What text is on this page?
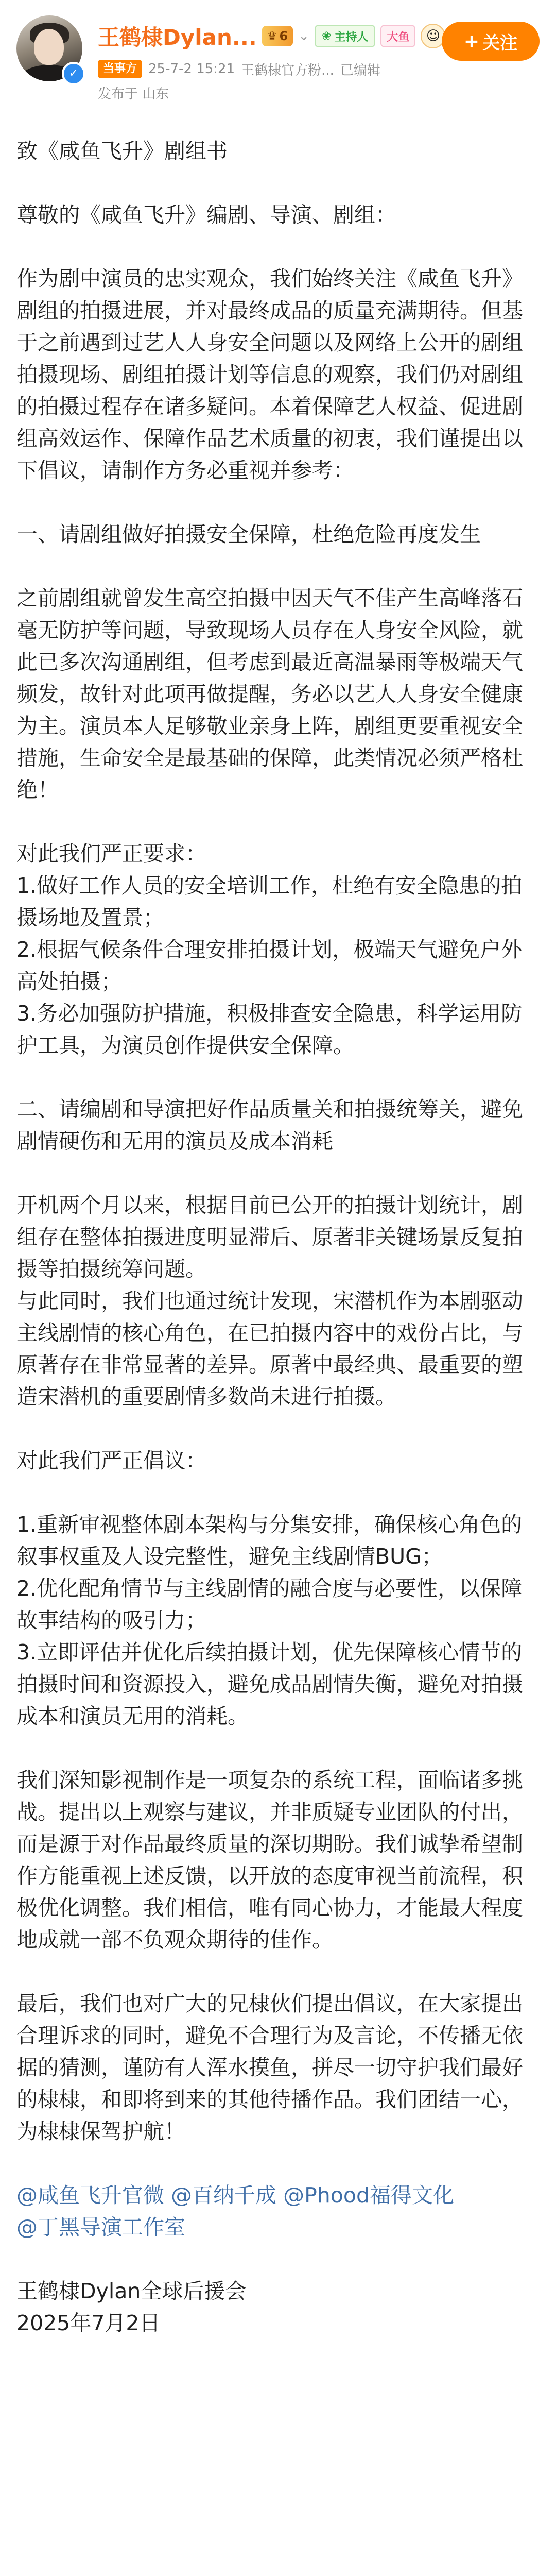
✓
王鹤棣Dylan... ♛ 6 ⌄ ❀ 主持人 大鱼	☺
当事方 25-7-2 15:21 王鹤棣官方粉... 已编辑
发布于 山东
+ 关注

致《咸鱼飞升》剧组书

尊敬的《咸鱼飞升》编剧、导演、剧组：

作为剧中演员的忠实观众，我们始终关注《咸鱼飞升》剧组的拍摄进展，并对最终成品的质量充满期待。但基于之前遇到过艺人人身安全问题以及网络上公开的剧组拍摄现场、剧组拍摄计划等信息的观察，我们仍对剧组的拍摄过程存在诸多疑问。本着保障艺人权益、促进剧组高效运作、保障作品艺术质量的初衷，我们谨提出以下倡议，请制作方务必重视并参考：

一、请剧组做好拍摄安全保障，杜绝危险再度发生

之前剧组就曾发生高空拍摄中因天气不佳产生高峰落石毫无防护等问题，导致现场人员存在人身安全风险，就此已多次沟通剧组，但考虑到最近高温暴雨等极端天气频发，故针对此项再做提醒，务必以艺人人身安全健康为主。演员本人足够敬业亲身上阵，剧组更要重视安全措施，生命安全是最基础的保障，此类情况必须严格杜绝！

对此我们严正要求：

1.做好工作人员的安全培训工作，杜绝有安全隐患的拍摄场地及置景；

2.根据气候条件合理安排拍摄计划，极端天气避免户外高处拍摄；

3.务必加强防护措施，积极排查安全隐患，科学运用防护工具，为演员创作提供安全保障。

二、请编剧和导演把好作品质量关和拍摄统筹关，避免剧情硬伤和无用的演员及成本消耗

开机两个月以来，根据目前已公开的拍摄计划统计，剧组存在整体拍摄进度明显滞后、原著非关键场景反复拍摄等拍摄统筹问题。

与此同时，我们也通过统计发现，宋潜机作为本剧驱动主线剧情的核心角色，在已拍摄内容中的戏份占比，与原著存在非常显著的差异。原著中最经典、最重要的塑造宋潜机的重要剧情多数尚未进行拍摄。

对此我们严正倡议：

1.重新审视整体剧本架构与分集安排，确保核心角色的叙事权重及人设完整性，避免主线剧情BUG；

2.优化配角情节与主线剧情的融合度与必要性，以保障故事结构的吸引力；

3.立即评估并优化后续拍摄计划，优先保障核心情节的拍摄时间和资源投入，避免成品剧情失衡，避免对拍摄成本和演员无用的消耗。

我们深知影视制作是一项复杂的系统工程，面临诸多挑战。提出以上观察与建议，并非质疑专业团队的付出，而是源于对作品最终质量的深切期盼。我们诚挚希望制作方能重视上述反馈，以开放的态度审视当前流程，积极优化调整。我们相信，唯有同心协力，才能最大程度地成就一部不负观众期待的佳作。

最后，我们也对广大的兄棣伙们提出倡议，在大家提出合理诉求的同时，避免不合理行为及言论，不传播无依据的猜测，谨防有人浑水摸鱼，拼尽一切守护我们最好的棣棣，和即将到来的其他待播作品。我们团结一心，为棣棣保驾护航！

@咸鱼飞升官微 @百纳千成 @Phood福得文化

@丁黑导演工作室

王鹤棣Dylan全球后援会

2025年7月2日
